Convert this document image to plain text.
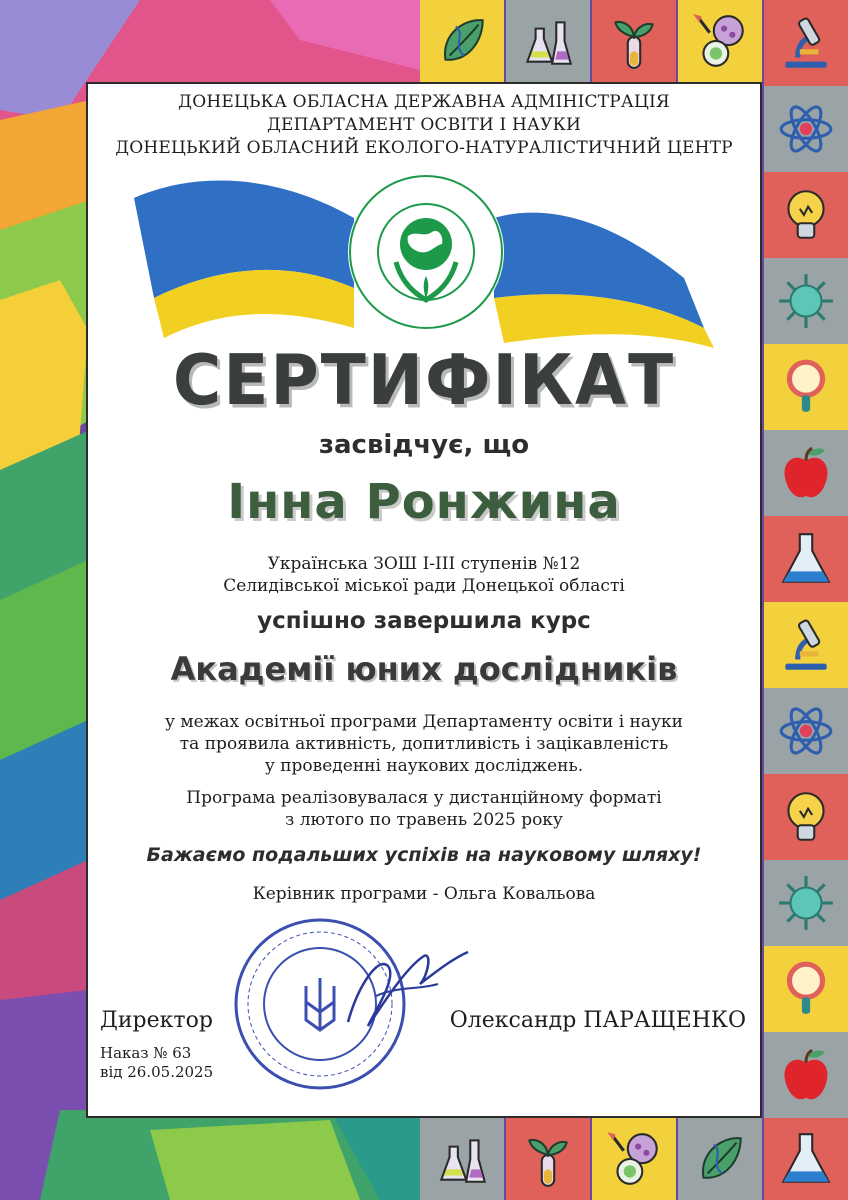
ДОНЕЦЬКА ОБЛАСНА ДЕРЖАВНА АДМІНІСТРАЦІЯ
ДЕПАРТАМЕНТ ОСВІТИ І НАУКИ
ДОНЕЦЬКИЙ ОБЛАСНИЙ ЕКОЛОГО-НАТУРАЛІСТИЧНИЙ ЦЕНТР
СЕРТИФІКАТ
засвідчує, що
Інна Ронжина
Українська ЗОШ І-ІІІ ступенів №12
Селидівської міської ради Донецької області
успішно завершила курс
Академії юних дослідників
у межах освітньої програми Департаменту освіти і науки
та проявила активність, допитливість і зацікавленість
у проведенні наукових досліджень.
Програма реалізовувалася у дистанційному форматі
з лютого по травень 2025 року
Бажаємо подальших успіхів на науковому шляху!
Керівник програми - Ольга Ковальова
Директор	Олександр ПАРАЩЕНКО
Наказ № 63
від 26.05.2025
